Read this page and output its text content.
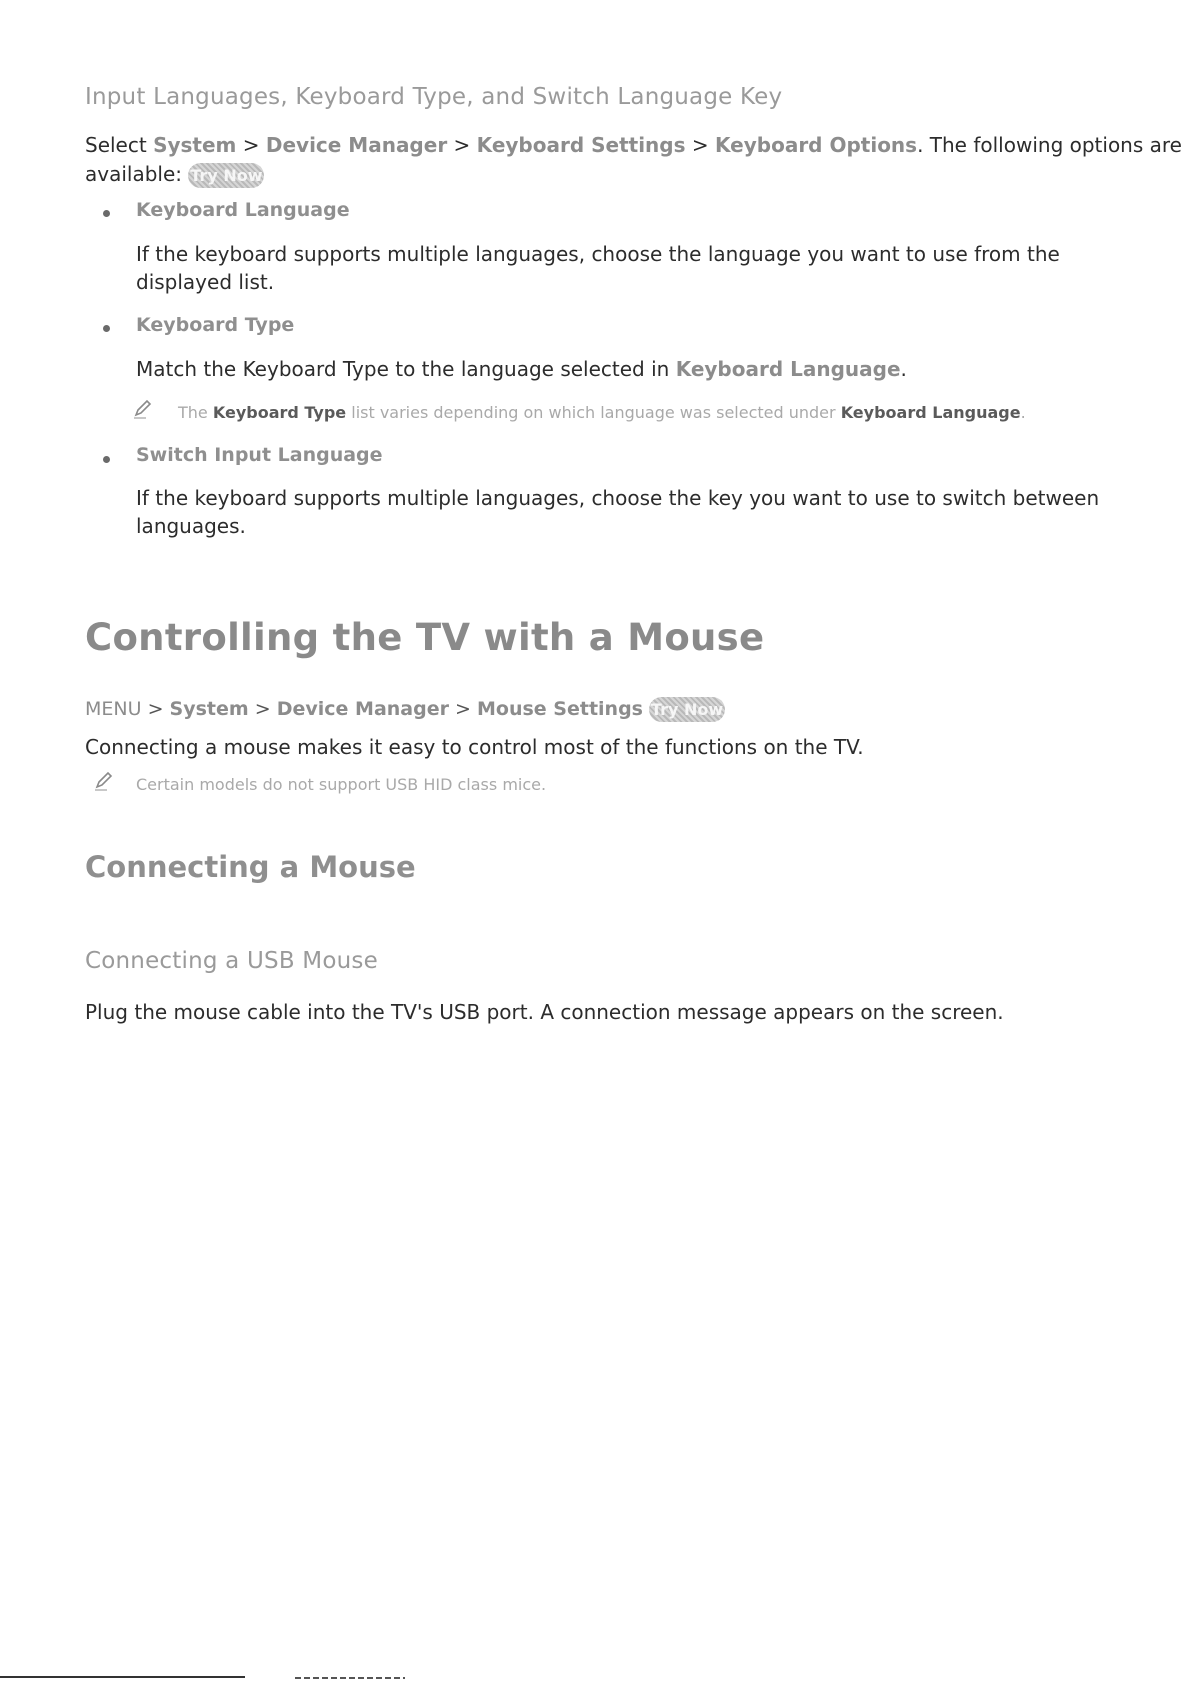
Input Languages, Keyboard Type, and Switch Language Key
Select System > Device Manager > Keyboard Settings > Keyboard Options. The following options are
available: Try Now
Keyboard Language
If the keyboard supports multiple languages, choose the language you want to use from the
displayed list.
Keyboard Type
Match the Keyboard Type to the language selected in Keyboard Language.
The Keyboard Type list varies depending on which language was selected under Keyboard Language.
Switch Input Language
If the keyboard supports multiple languages, choose the key you want to use to switch between
languages.
Controlling the TV with a Mouse
MENU > System > Device Manager > Mouse Settings Try Now
Connecting a mouse makes it easy to control most of the functions on the TV.
Certain models do not support USB HID class mice.
Connecting a Mouse
Connecting a USB Mouse
Plug the mouse cable into the TV's USB port. A connection message appears on the screen.
